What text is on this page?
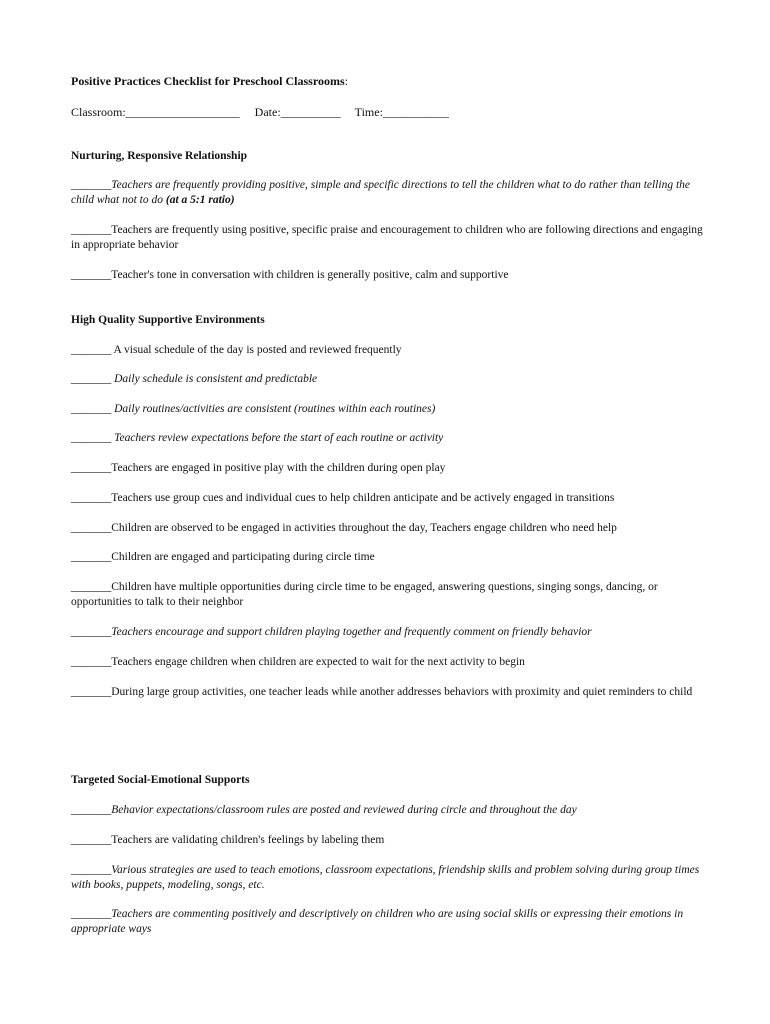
Positive Practices Checklist for Preschool Classrooms:
Classroom:___________________ Date:__________ Time:___________
Nurturing, Responsive Relationship
_______Teachers are frequently providing positive, simple and specific directions to tell the children what to do rather than telling the child what not to do (at a 5:1 ratio)
_______Teachers are frequently using positive, specific praise and encouragement to children who are following directions and engaging in appropriate behavior
_______Teacher's tone in conversation with children is generally positive, calm and supportive
High Quality Supportive Environments
_______ A visual schedule of the day is posted and reviewed frequently
_______ Daily schedule is consistent and predictable
_______ Daily routines/activities are consistent (routines within each routines)
_______ Teachers review expectations before the start of each routine or activity
_______Teachers are engaged in positive play with the children during open play
_______Teachers use group cues and individual cues to help children anticipate and be actively engaged in transitions
_______Children are observed to be engaged in activities throughout the day, Teachers engage children who need help
_______Children are engaged and participating during circle time
_______Children have multiple opportunities during circle time to be engaged, answering questions, singing songs, dancing, or opportunities to talk to their neighbor
_______Teachers encourage and support children playing together and frequently comment on friendly behavior
_______Teachers engage children when children are expected to wait for the next activity to begin
_______During large group activities, one teacher leads while another addresses behaviors with proximity and quiet reminders to child
Targeted Social-Emotional Supports
_______Behavior expectations/classroom rules are posted and reviewed during circle and throughout the day
_______Teachers are validating children's feelings by labeling them
_______Various strategies are used to teach emotions, classroom expectations, friendship skills and problem solving during group times with books, puppets, modeling, songs, etc.
_______Teachers are commenting positively and descriptively on children who are using social skills or expressing their emotions in appropriate ways
